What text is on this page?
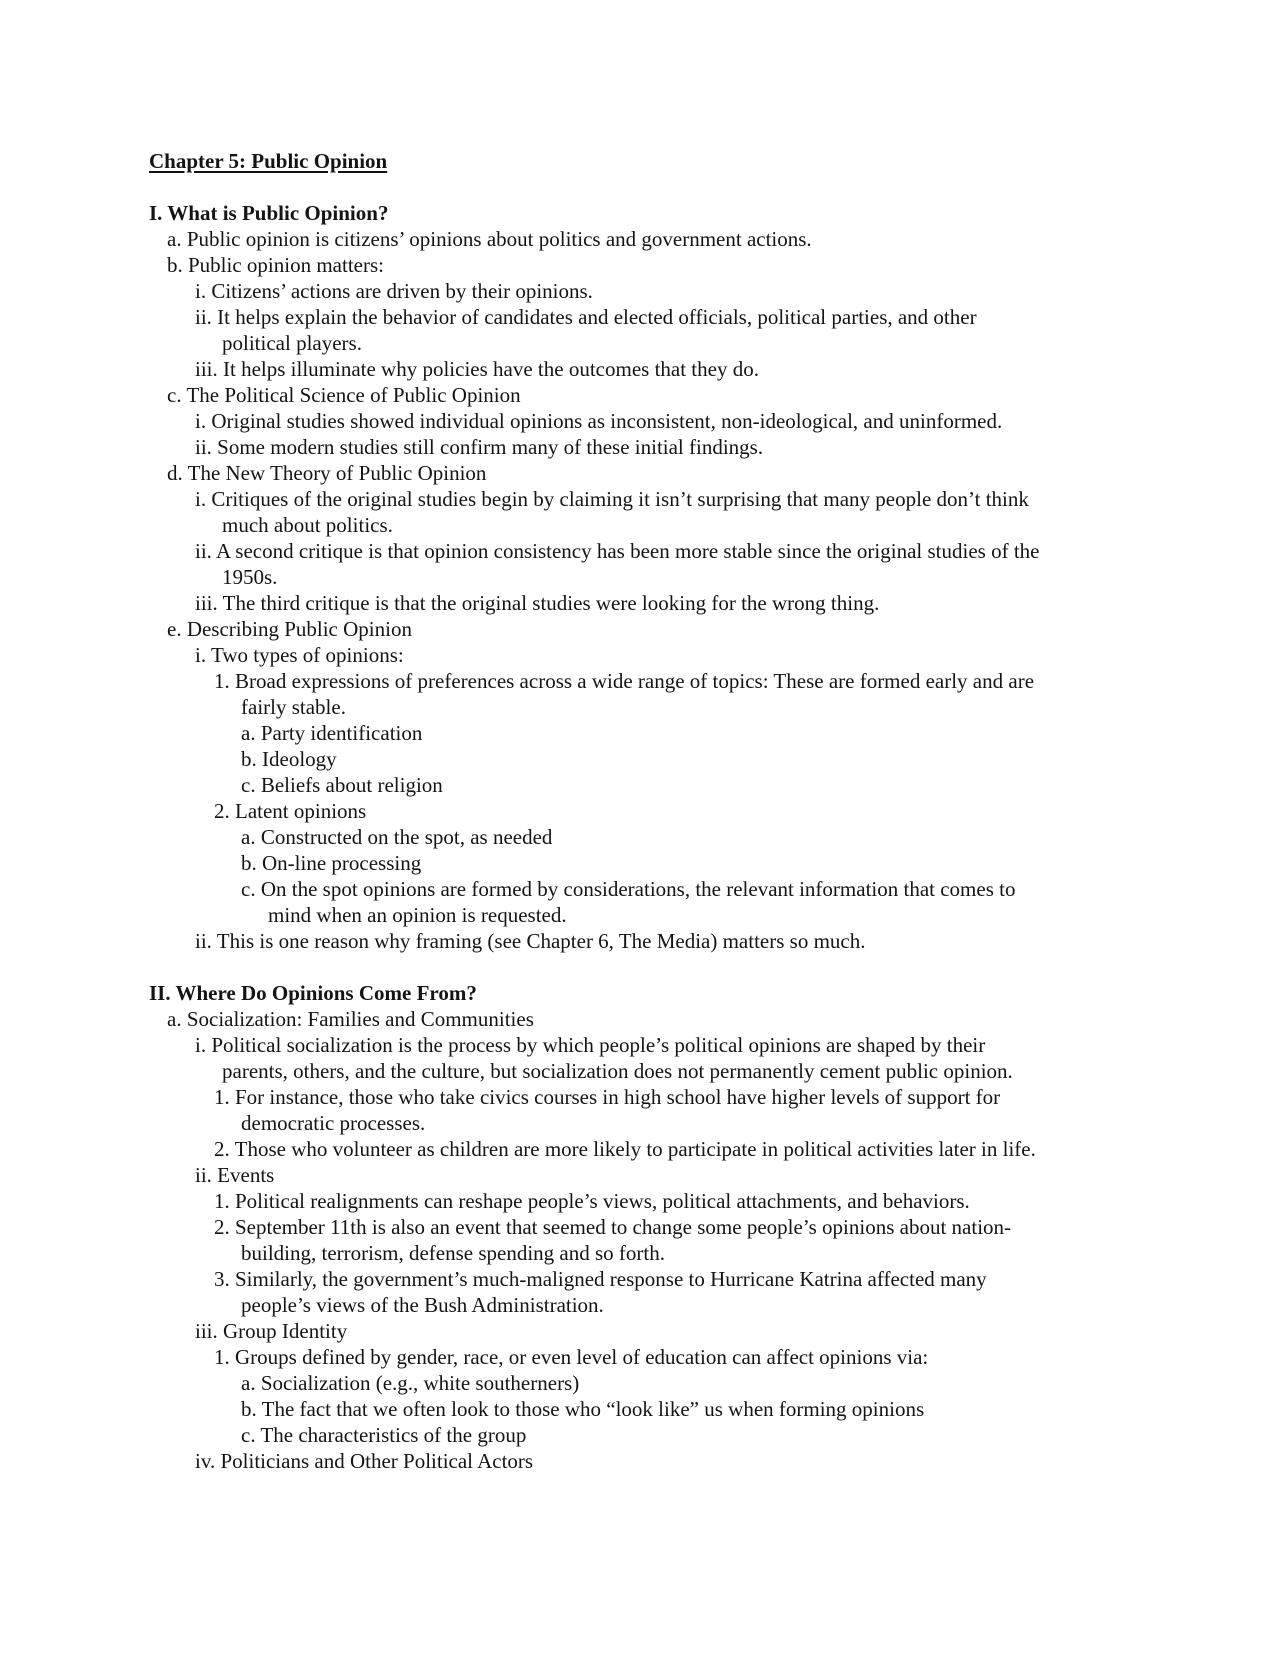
Chapter 5: Public Opinion
I. What is Public Opinion?
a. Public opinion is citizens’ opinions about politics and government actions.
b. Public opinion matters:
i. Citizens’ actions are driven by their opinions.
ii. It helps explain the behavior of candidates and elected officials, political parties, and other
political players.
iii. It helps illuminate why policies have the outcomes that they do.
c. The Political Science of Public Opinion
i. Original studies showed individual opinions as inconsistent, non-ideological, and uninformed.
ii. Some modern studies still confirm many of these initial findings.
d. The New Theory of Public Opinion
i. Critiques of the original studies begin by claiming it isn’t surprising that many people don’t think
much about politics.
ii. A second critique is that opinion consistency has been more stable since the original studies of the
1950s.
iii. The third critique is that the original studies were looking for the wrong thing.
e. Describing Public Opinion
i. Two types of opinions:
1. Broad expressions of preferences across a wide range of topics: These are formed early and are
fairly stable.
a. Party identification
b. Ideology
c. Beliefs about religion
2. Latent opinions
a. Constructed on the spot, as needed
b. On-line processing
c. On the spot opinions are formed by considerations, the relevant information that comes to
mind when an opinion is requested.
ii. This is one reason why framing (see Chapter 6, The Media) matters so much.
II. Where Do Opinions Come From?
a. Socialization: Families and Communities
i. Political socialization is the process by which people’s political opinions are shaped by their
parents, others, and the culture, but socialization does not permanently cement public opinion.
1. For instance, those who take civics courses in high school have higher levels of support for
democratic processes.
2. Those who volunteer as children are more likely to participate in political activities later in life.
ii. Events
1. Political realignments can reshape people’s views, political attachments, and behaviors.
2. September 11th is also an event that seemed to change some people’s opinions about nation-
building, terrorism, defense spending and so forth.
3. Similarly, the government’s much-maligned response to Hurricane Katrina affected many
people’s views of the Bush Administration.
iii. Group Identity
1. Groups defined by gender, race, or even level of education can affect opinions via:
a. Socialization (e.g., white southerners)
b. The fact that we often look to those who “look like” us when forming opinions
c. The characteristics of the group
iv. Politicians and Other Political Actors
